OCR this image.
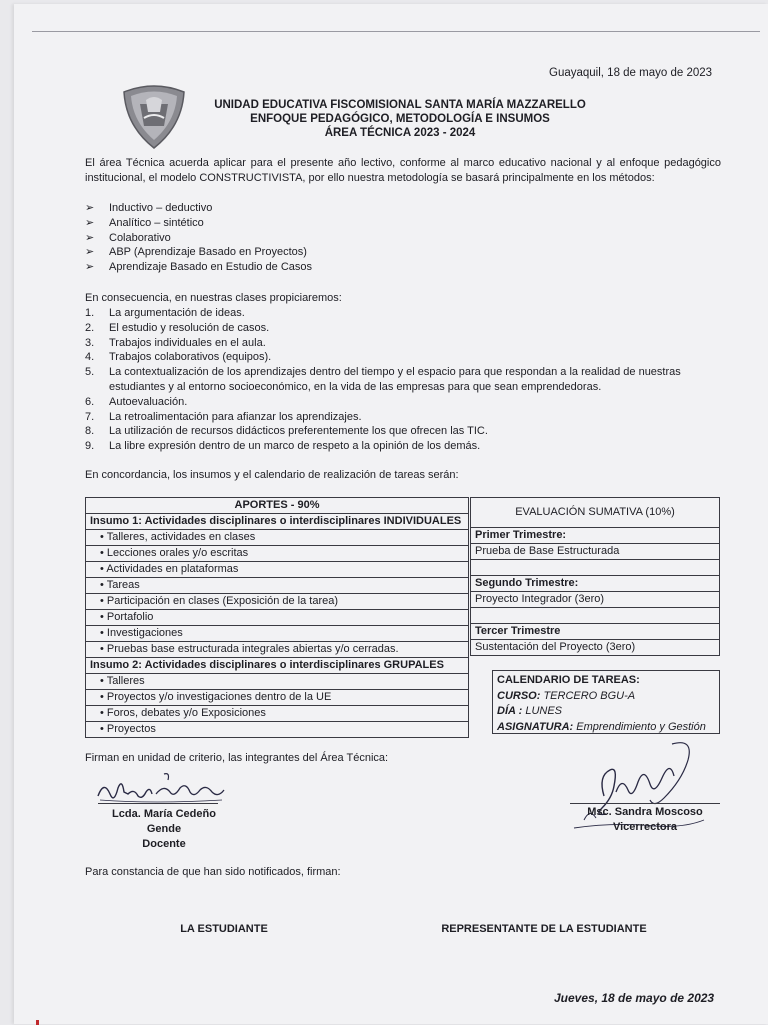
Guayaquil, 18 de mayo de 2023
UNIDAD EDUCATIVA FISCOMISIONAL SANTA MARÍA MAZZARELLO
ENFOQUE PEDAGÓGICO, METODOLOGÍA E INSUMOS
ÁREA TÉCNICA 2023 - 2024
El área Técnica acuerda aplicar para el presente año lectivo, conforme al marco educativo nacional y al enfoque pedagógico institucional, el modelo CONSTRUCTIVISTA, por ello nuestra metodología se basará principalmente en los métodos:
➢ Inductivo – deductivo
➢ Analítico – sintético
➢ Colaborativo
➢ ABP (Aprendizaje Basado en Proyectos)
➢ Aprendizaje Basado en Estudio de Casos
En consecuencia, en nuestras clases propiciaremos:
1. La argumentación de ideas.
2. El estudio y resolución de casos.
3. Trabajos individuales en el aula.
4. Trabajos colaborativos (equipos).
5. La contextualización de los aprendizajes dentro del tiempo y el espacio para que respondan a la realidad de nuestras estudiantes y al entorno socioeconómico, en la vida de las empresas para que sean emprendedoras.
6. Autoevaluación.
7. La retroalimentación para afianzar los aprendizajes.
8. La utilización de recursos didácticos preferentemente los que ofrecen las TIC.
9. La libre expresión dentro de un marco de respeto a la opinión de los demás.
En concordancia, los insumos y el calendario de realización de tareas serán:
APORTES - 90%
Insumo 1: Actividades disciplinares o interdisciplinares INDIVIDUALES
• Talleres, actividades en clases
• Lecciones orales y/o escritas
• Actividades en plataformas
• Tareas
• Participación en clases (Exposición de la tarea)
• Portafolio
• Investigaciones
• Pruebas base estructurada integrales abiertas y/o cerradas.
Insumo 2: Actividades disciplinares o interdisciplinares GRUPALES
• Talleres
• Proyectos y/o investigaciones dentro de la UE
• Foros, debates y/o Exposiciones
• Proyectos
EVALUACIÓN SUMATIVA (10%)
Primer Trimestre:
Prueba de Base Estructurada

Segundo Trimestre:
Proyecto Integrador (3ero)

Tercer Trimestre
Sustentación del Proyecto (3ero)
CALENDARIO DE TAREAS:
CURSO: TERCERO BGU-A
DÍA : LUNES
ASIGNATURA: Emprendimiento y Gestión
Firman en unidad de criterio, las integrantes del Área Técnica:
Lcda. María Cedeño
Gende
Docente
Msc. Sandra Moscoso
Vicerrectora
Para constancia de que han sido notificados, firman:
LA ESTUDIANTE	REPRESENTANTE DE LA ESTUDIANTE
Jueves, 18 de mayo de 2023
